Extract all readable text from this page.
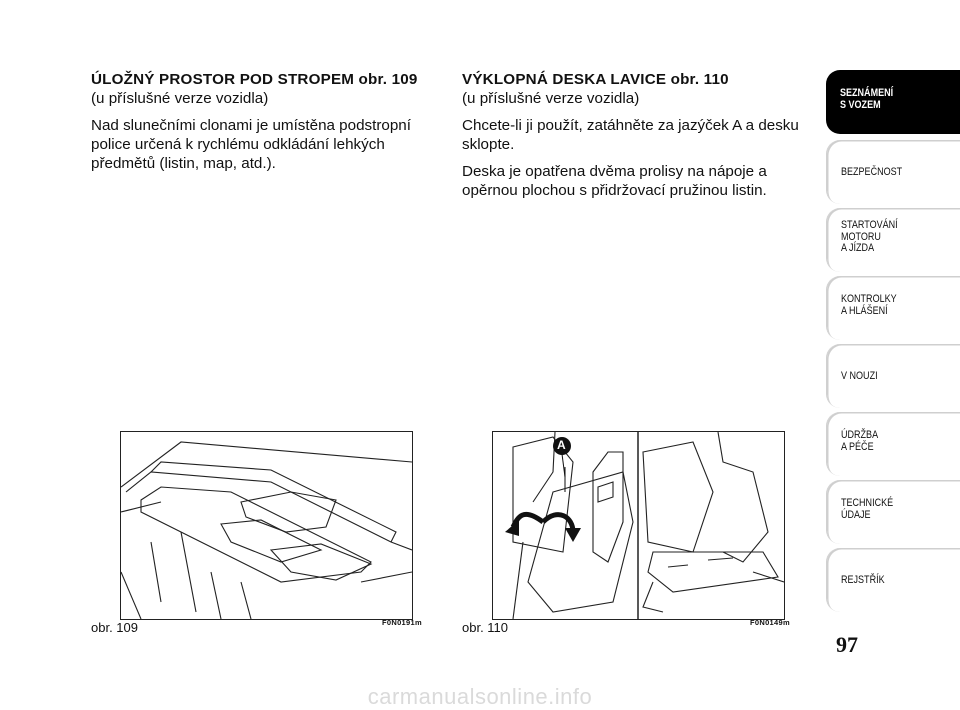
ÚLOŽNÝ PROSTOR POD STROPEM obr. 109

(u příslušné verze vozidla)

Nad slunečními clonami je umístěna podstropní police určená k rychlému odkládání lehkých předmětů (listin, map, atd.).

VÝKLOPNÁ DESKA LAVICE obr. 110

(u příslušné verze vozidla)

Chcete-li ji použít, zatáhněte za jazýček A a desku sklopte.

Deska je opatřena dvěma prolisy na nápoje a opěrnou plochou s přidržovací pružinou listin.

obr. 109	F0N0191m
A
obr. 110	F0N0149m
SEZNÁMENÍ
S VOZEM
BEZPEČNOST
STARTOVÁNÍ
MOTORU
A JÍZDA
KONTROLKY
A HLÁŠENÍ
V NOUZI
ÚDRŽBA
A PÉČE
TECHNICKÉ
ÚDAJE
REJSTŘÍK
97
carmanualsonline.info
